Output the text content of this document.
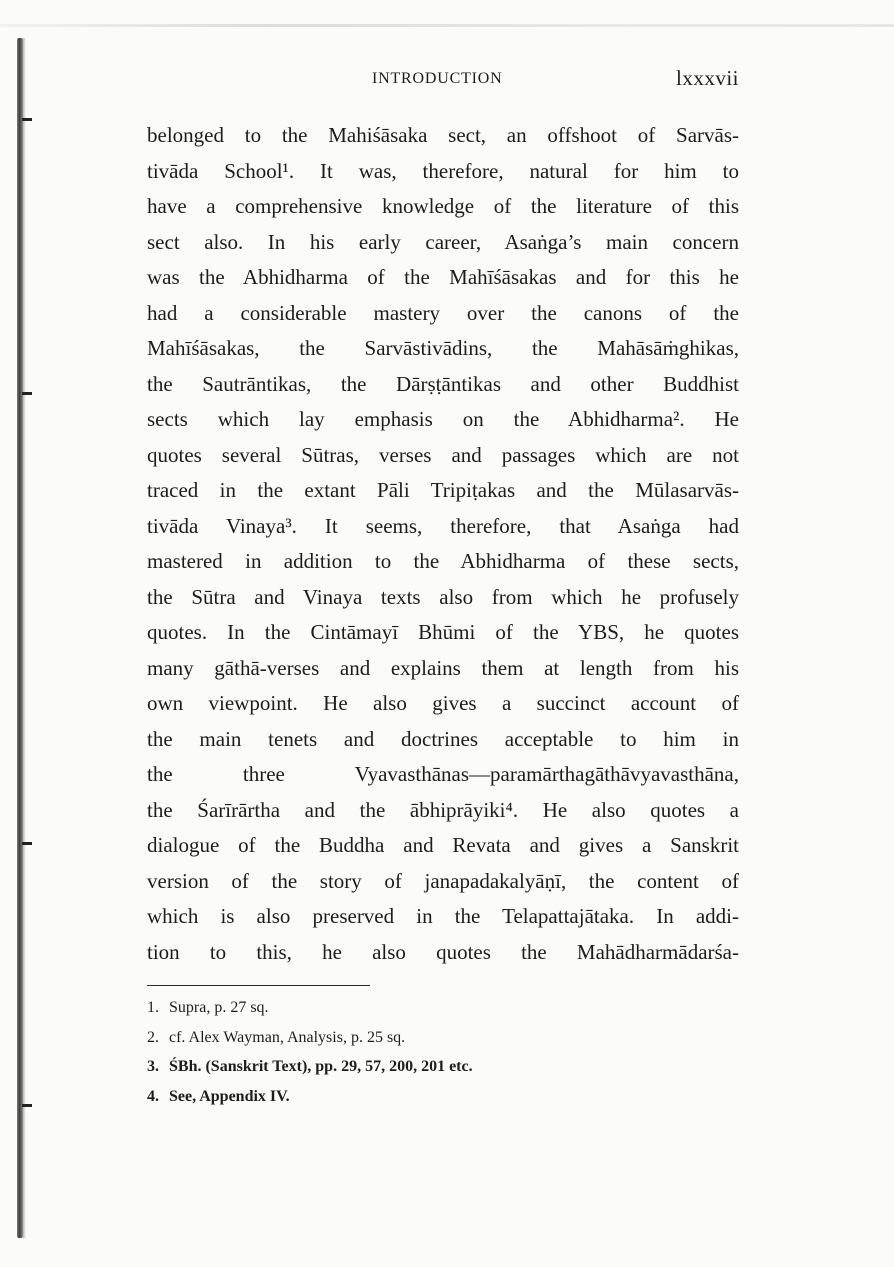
INTRODUCTION	lxxxvii
belonged to the Mahiśāsaka sect, an offshoot of Sarvās-
tivāda School¹. It was, therefore, natural for him to
have a comprehensive knowledge of the literature of this
sect also. In his early career, Asaṅga’s main concern
was the Abhidharma of the Mahīśāsakas and for this he
had a considerable mastery over the canons of the
Mahīśāsakas, the Sarvāstivādins, the Mahāsāṁghikas,
the Sautrāntikas, the Dārṣṭāntikas and other Buddhist
sects which lay emphasis on the Abhidharma². He
quotes several Sūtras, verses and passages which are not
traced in the extant Pāli Tripiṭakas and the Mūlasarvās-
tivāda Vinaya³. It seems, therefore, that Asaṅga had
mastered in addition to the Abhidharma of these sects,
the Sūtra and Vinaya texts also from which he profusely
quotes. In the Cintāmayī Bhūmi of the YBS, he quotes
many gāthā-verses and explains them at length from his
own viewpoint. He also gives a succinct account of
the main tenets and doctrines acceptable to him in
the three Vyavasthānas—paramārthagāthāvyavasthāna,
the Śarīrārtha and the ābhiprāyiki⁴. He also quotes a
dialogue of the Buddha and Revata and gives a Sanskrit
version of the story of janapadakalyāṇī, the content of
which is also preserved in the Telapattajātaka. In addi-
tion to this, he also quotes the Mahādharmādarśa-
1. Supra, p. 27 sq.
2. cf. Alex Wayman, Analysis, p. 25 sq.
3. ŚBh. (Sanskrit Text), pp. 29, 57, 200, 201 etc.
4. See, Appendix IV.
